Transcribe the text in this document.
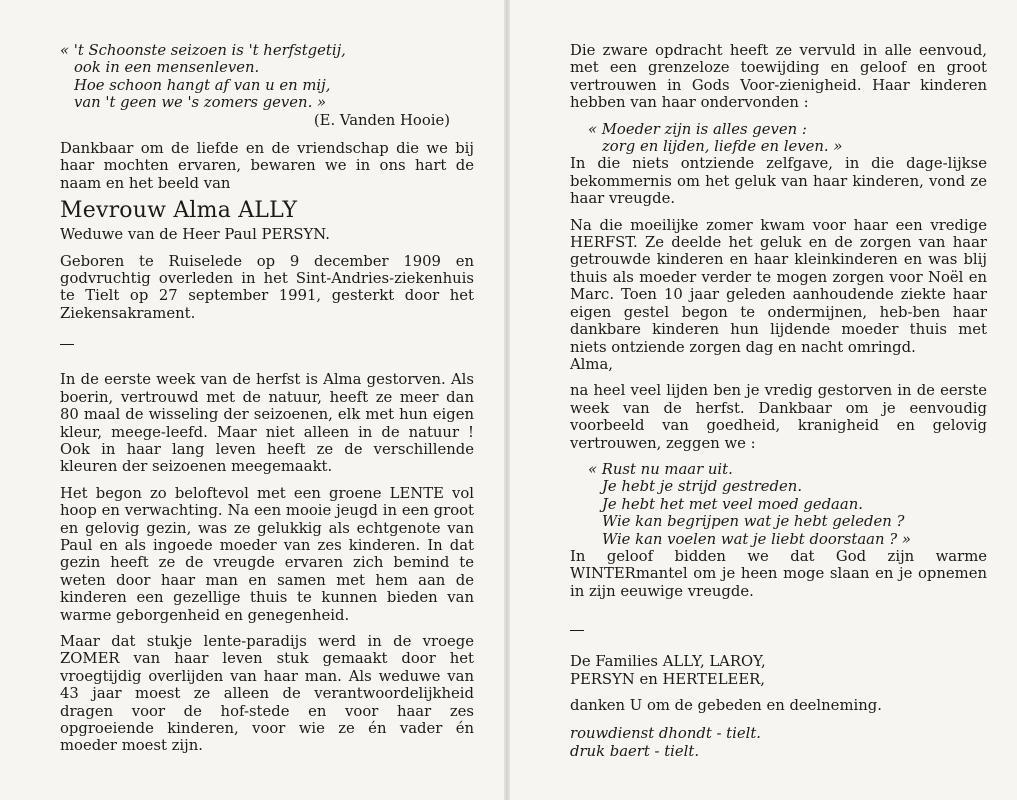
« 't Schoonste seizoen is 't herfstgetij,

ook in een mensenleven.

Hoe schoon hangt af van u en mij,

van 't geen we 's zomers geven. »

(E. Vanden Hooie)

Dankbaar om de liefde en de vriendschap die we bij haar mochten ervaren, bewaren we in ons hart de naam en het beeld van

Mevrouw Alma ALLY

Weduwe van de Heer Paul PERSYN.

Geboren te Ruiselede op 9 december 1909 en godvruchtig overleden in het Sint-Andries-ziekenhuis te Tielt op 27 september 1991, gesterkt door het Ziekensakrament.

In de eerste week van de herfst is Alma gestorven. Als boerin, vertrouwd met de natuur, heeft ze meer dan 80 maal de wisseling der seizoenen, elk met hun eigen kleur, meege-leefd. Maar niet alleen in de natuur ! Ook in haar lang leven heeft ze de verschillende kleuren der seizoenen meegemaakt.

Het begon zo beloftevol met een groene LENTE vol hoop en verwachting. Na een mooie jeugd in een groot en gelovig gezin, was ze gelukkig als echtgenote van Paul en als ingoede moeder van zes kinderen. In dat gezin heeft ze de vreugde ervaren zich bemind te weten door haar man en samen met hem aan de kinderen een gezellige thuis te kunnen bieden van warme geborgenheid en genegenheid.

Maar dat stukje lente-paradijs werd in de vroege ZOMER van haar leven stuk gemaakt door het vroegtijdig overlijden van haar man. Als weduwe van 43 jaar moest ze alleen de verantwoordelijkheid dragen voor de hof-stede en voor haar zes opgroeiende kinderen, voor wie ze én vader én moeder moest zijn.

Die zware opdracht heeft ze vervuld in alle eenvoud, met een grenzeloze toewijding en geloof en groot vertrouwen in Gods Voor-zienigheid. Haar kinderen hebben van haar ondervonden :

« Moeder zijn is alles geven :

zorg en lijden, liefde en leven. »

In die niets ontziende zelfgave, in die dage-lijkse bekommernis om het geluk van haar kinderen, vond ze haar vreugde.

Na die moeilijke zomer kwam voor haar een vredige HERFST. Ze deelde het geluk en de zorgen van haar getrouwde kinderen en haar kleinkinderen en was blij thuis als moeder verder te mogen zorgen voor Noël en Marc. Toen 10 jaar geleden aanhoudende ziekte haar eigen gestel begon te ondermijnen, heb-ben haar dankbare kinderen hun lijdende moeder thuis met niets ontziende zorgen dag en nacht omringd.

Alma,

na heel veel lijden ben je vredig gestorven in de eerste week van de herfst. Dankbaar om je eenvoudig voorbeeld van goedheid, kranigheid en gelovig vertrouwen, zeggen we :

« Rust nu maar uit.

Je hebt je strijd gestreden.

Je hebt het met veel moed gedaan.

Wie kan begrijpen wat je hebt geleden ?

Wie kan voelen wat je liebt doorstaan ? »

In geloof bidden we dat God zijn warme WINTERmantel om je heen moge slaan en je opnemen in zijn eeuwige vreugde.

De Families ALLY, LAROY,

PERSYN en HERTELEER,

danken U om de gebeden en deelneming.

rouwdienst dhondt - tielt.

druk baert - tielt.
